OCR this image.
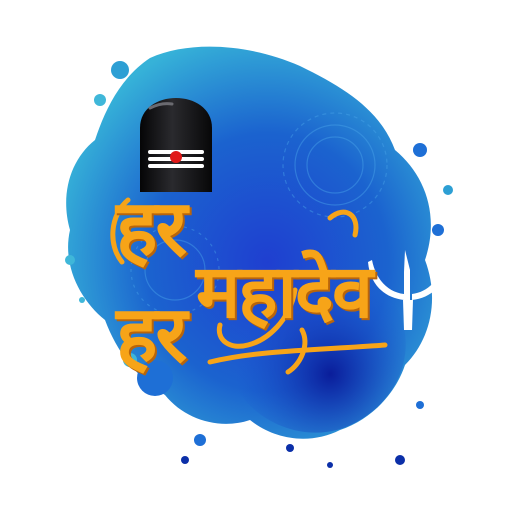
हर हर महादेव
